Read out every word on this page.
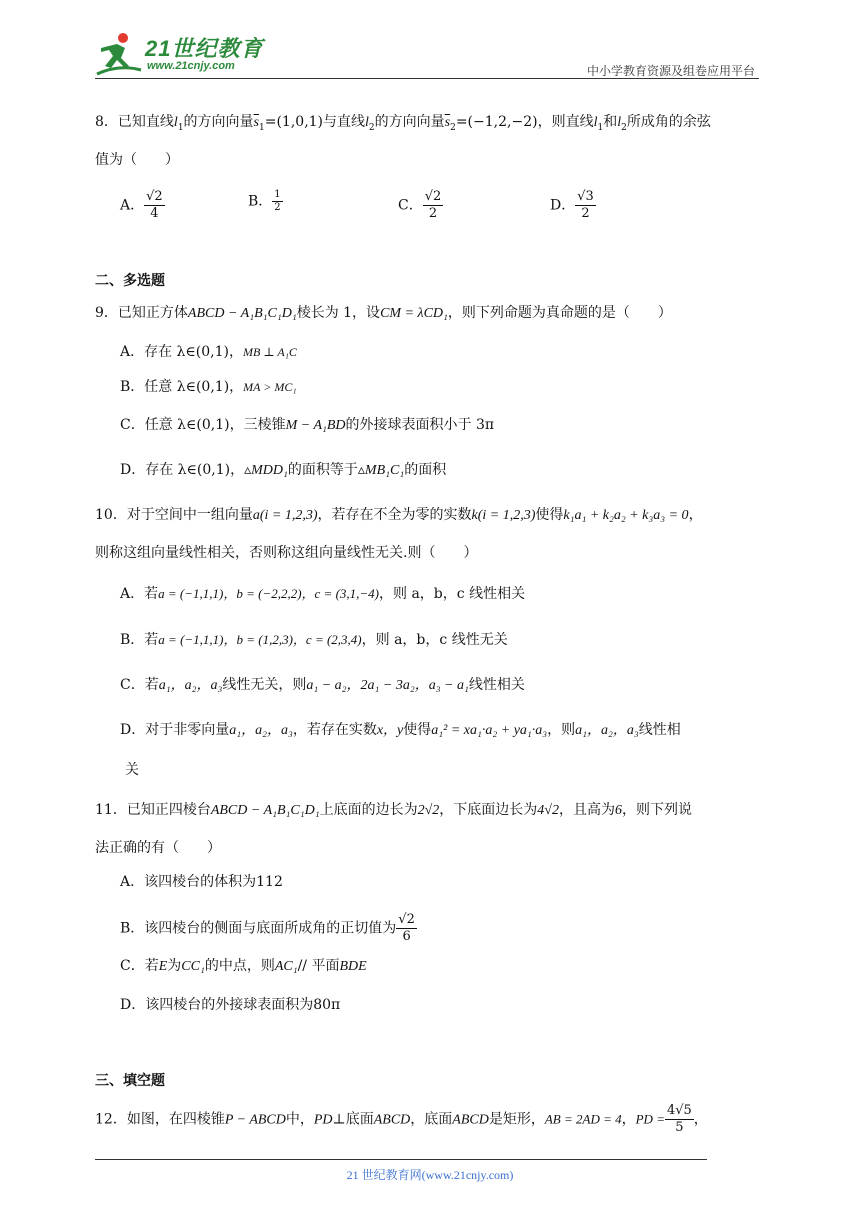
21世纪教育
www.21cnjy.com	中小学教育资源及组卷应用平台
8．已知直线$l_1$的方向向量$\overline{s}_1=(1,0,1)$与直线$l_2$的方向向量$\overline{s}_2=(-1,2,-2)$，则直线$l_1$和$l_2$所成角的余弦
值为（　　）
A． $\frac{√2}{4}$	B． $\frac{1}{2}$	C． $\frac{√2}{2}$	D． $\frac{√3}{2}$
二、多选题
9．已知正方体ABCD − A₁B₁C₁D₁棱长为 1，设CM = λCD₁，则下列命题为真命题的是（　　）
A．存在 λ∈(0,1)，MB ⊥ A₁C
B．任意 λ∈(0,1)，MA > MC₁
C．任意 λ∈(0,1)，三棱锥M − A₁BD的外接球表面积小于 3π
D．存在 λ∈(0,1)，▵MDD₁的面积等于▵MB₁C₁的面积
10．对于空间中一组向量a(i = 1,2,3)，若存在不全为零的实数k(i = 1,2,3)使得k₁a₁ + k₂a₂ + k₃a₃ = 0，
则称这组向量线性相关，否则称这组向量线性无关.则（　　）
A．若a = (−1,1,1)，b = (−2,2,2)，c = (3,1,−4)，则 a，b，c 线性相关
B．若a = (−1,1,1)，b = (1,2,3)，c = (2,3,4)，则 a，b，c 线性无关
C．若a₁，a₂，a₃线性无关，则a₁ − a₂，2a₁ − 3a₂，a₃ − a₁线性相关
D．对于非零向量a₁，a₂，a₃，若存在实数x，y使得a₁² = xa₁·a₂ + ya₁·a₃，则a₁，a₂，a₃线性相
关
11．已知正四棱台ABCD − A₁B₁C₁D₁上底面的边长为2√2，下底面边长为4√2，且高为6，则下列说
法正确的有（　　）
A．该四棱台的体积为112
B．该四棱台的侧面与底面所成角的正切值为 $\frac{√2}{6}$
C．若E为CC₁的中点，则AC₁// 平面BDE
D．该四棱台的外接球表面积为80π
三、填空题
12．如图，在四棱锥P − ABCD中，PD⊥底面ABCD，底面ABCD是矩形，AB = 2AD = 4，PD = $\frac{4√5}{5}$ ，
21 世纪教育网(www.21cnjy.com)
